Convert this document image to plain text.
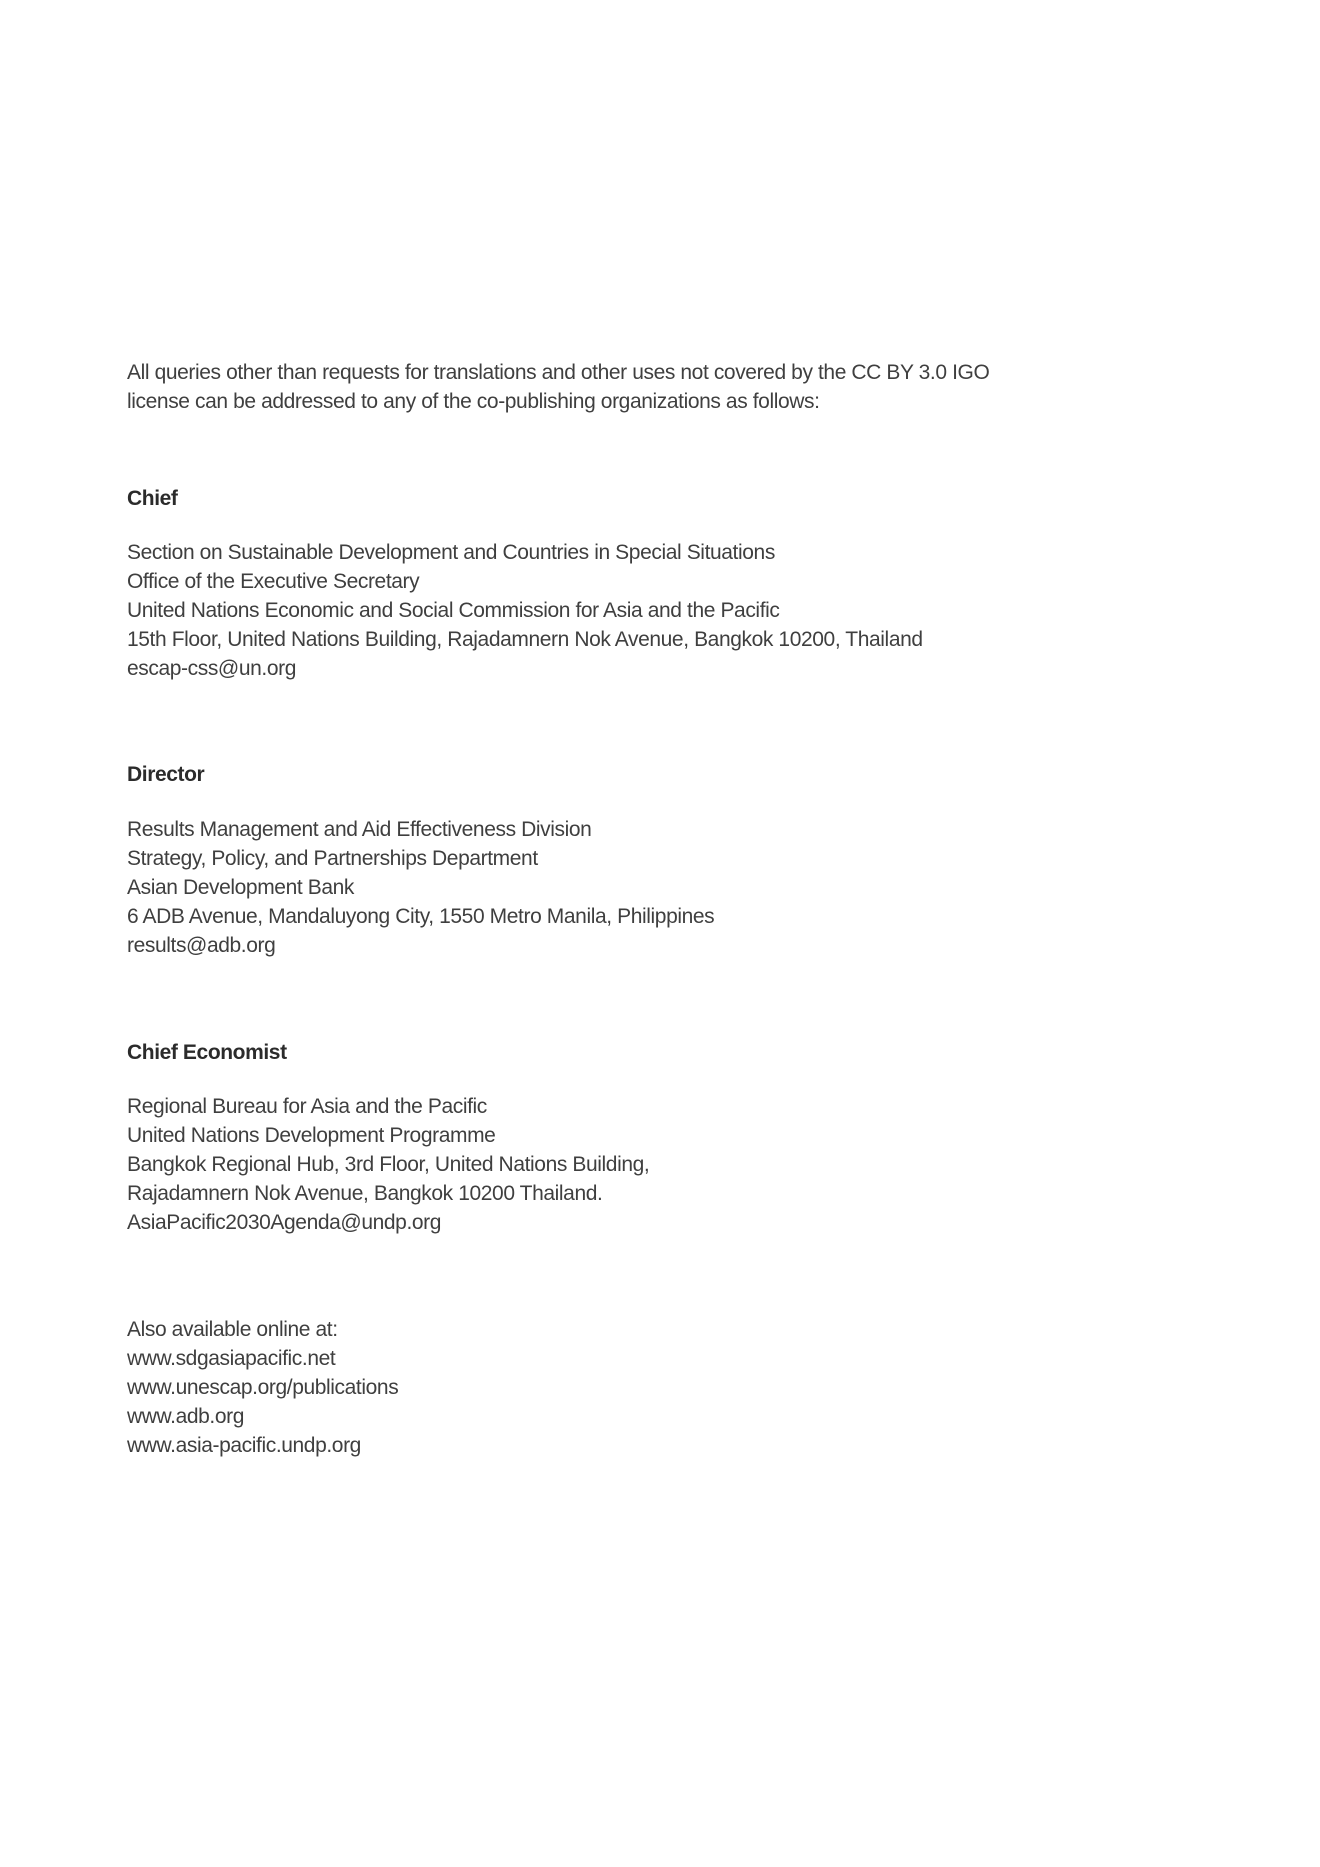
All queries other than requests for translations and other uses not covered by the CC BY 3.0 IGO license can be addressed to any of the co-publishing organizations as follows:

Chief
Section on Sustainable Development and Countries in Special Situations
Office of the Executive Secretary
United Nations Economic and Social Commission for Asia and the Pacific
15th Floor, United Nations Building, Rajadamnern Nok Avenue, Bangkok 10200, Thailand
escap-css@un.org
Director
Results Management and Aid Effectiveness Division
Strategy, Policy, and Partnerships Department
Asian Development Bank
6 ADB Avenue, Mandaluyong City, 1550 Metro Manila, Philippines
results@adb.org
Chief Economist
Regional Bureau for Asia and the Pacific
United Nations Development Programme
Bangkok Regional Hub, 3rd Floor, United Nations Building,
Rajadamnern Nok Avenue, Bangkok 10200 Thailand.
AsiaPacific2030Agenda@undp.org
Also available online at:
www.sdgasiapacific.net
www.unescap.org/publications
www.adb.org
www.asia-pacific.undp.org
